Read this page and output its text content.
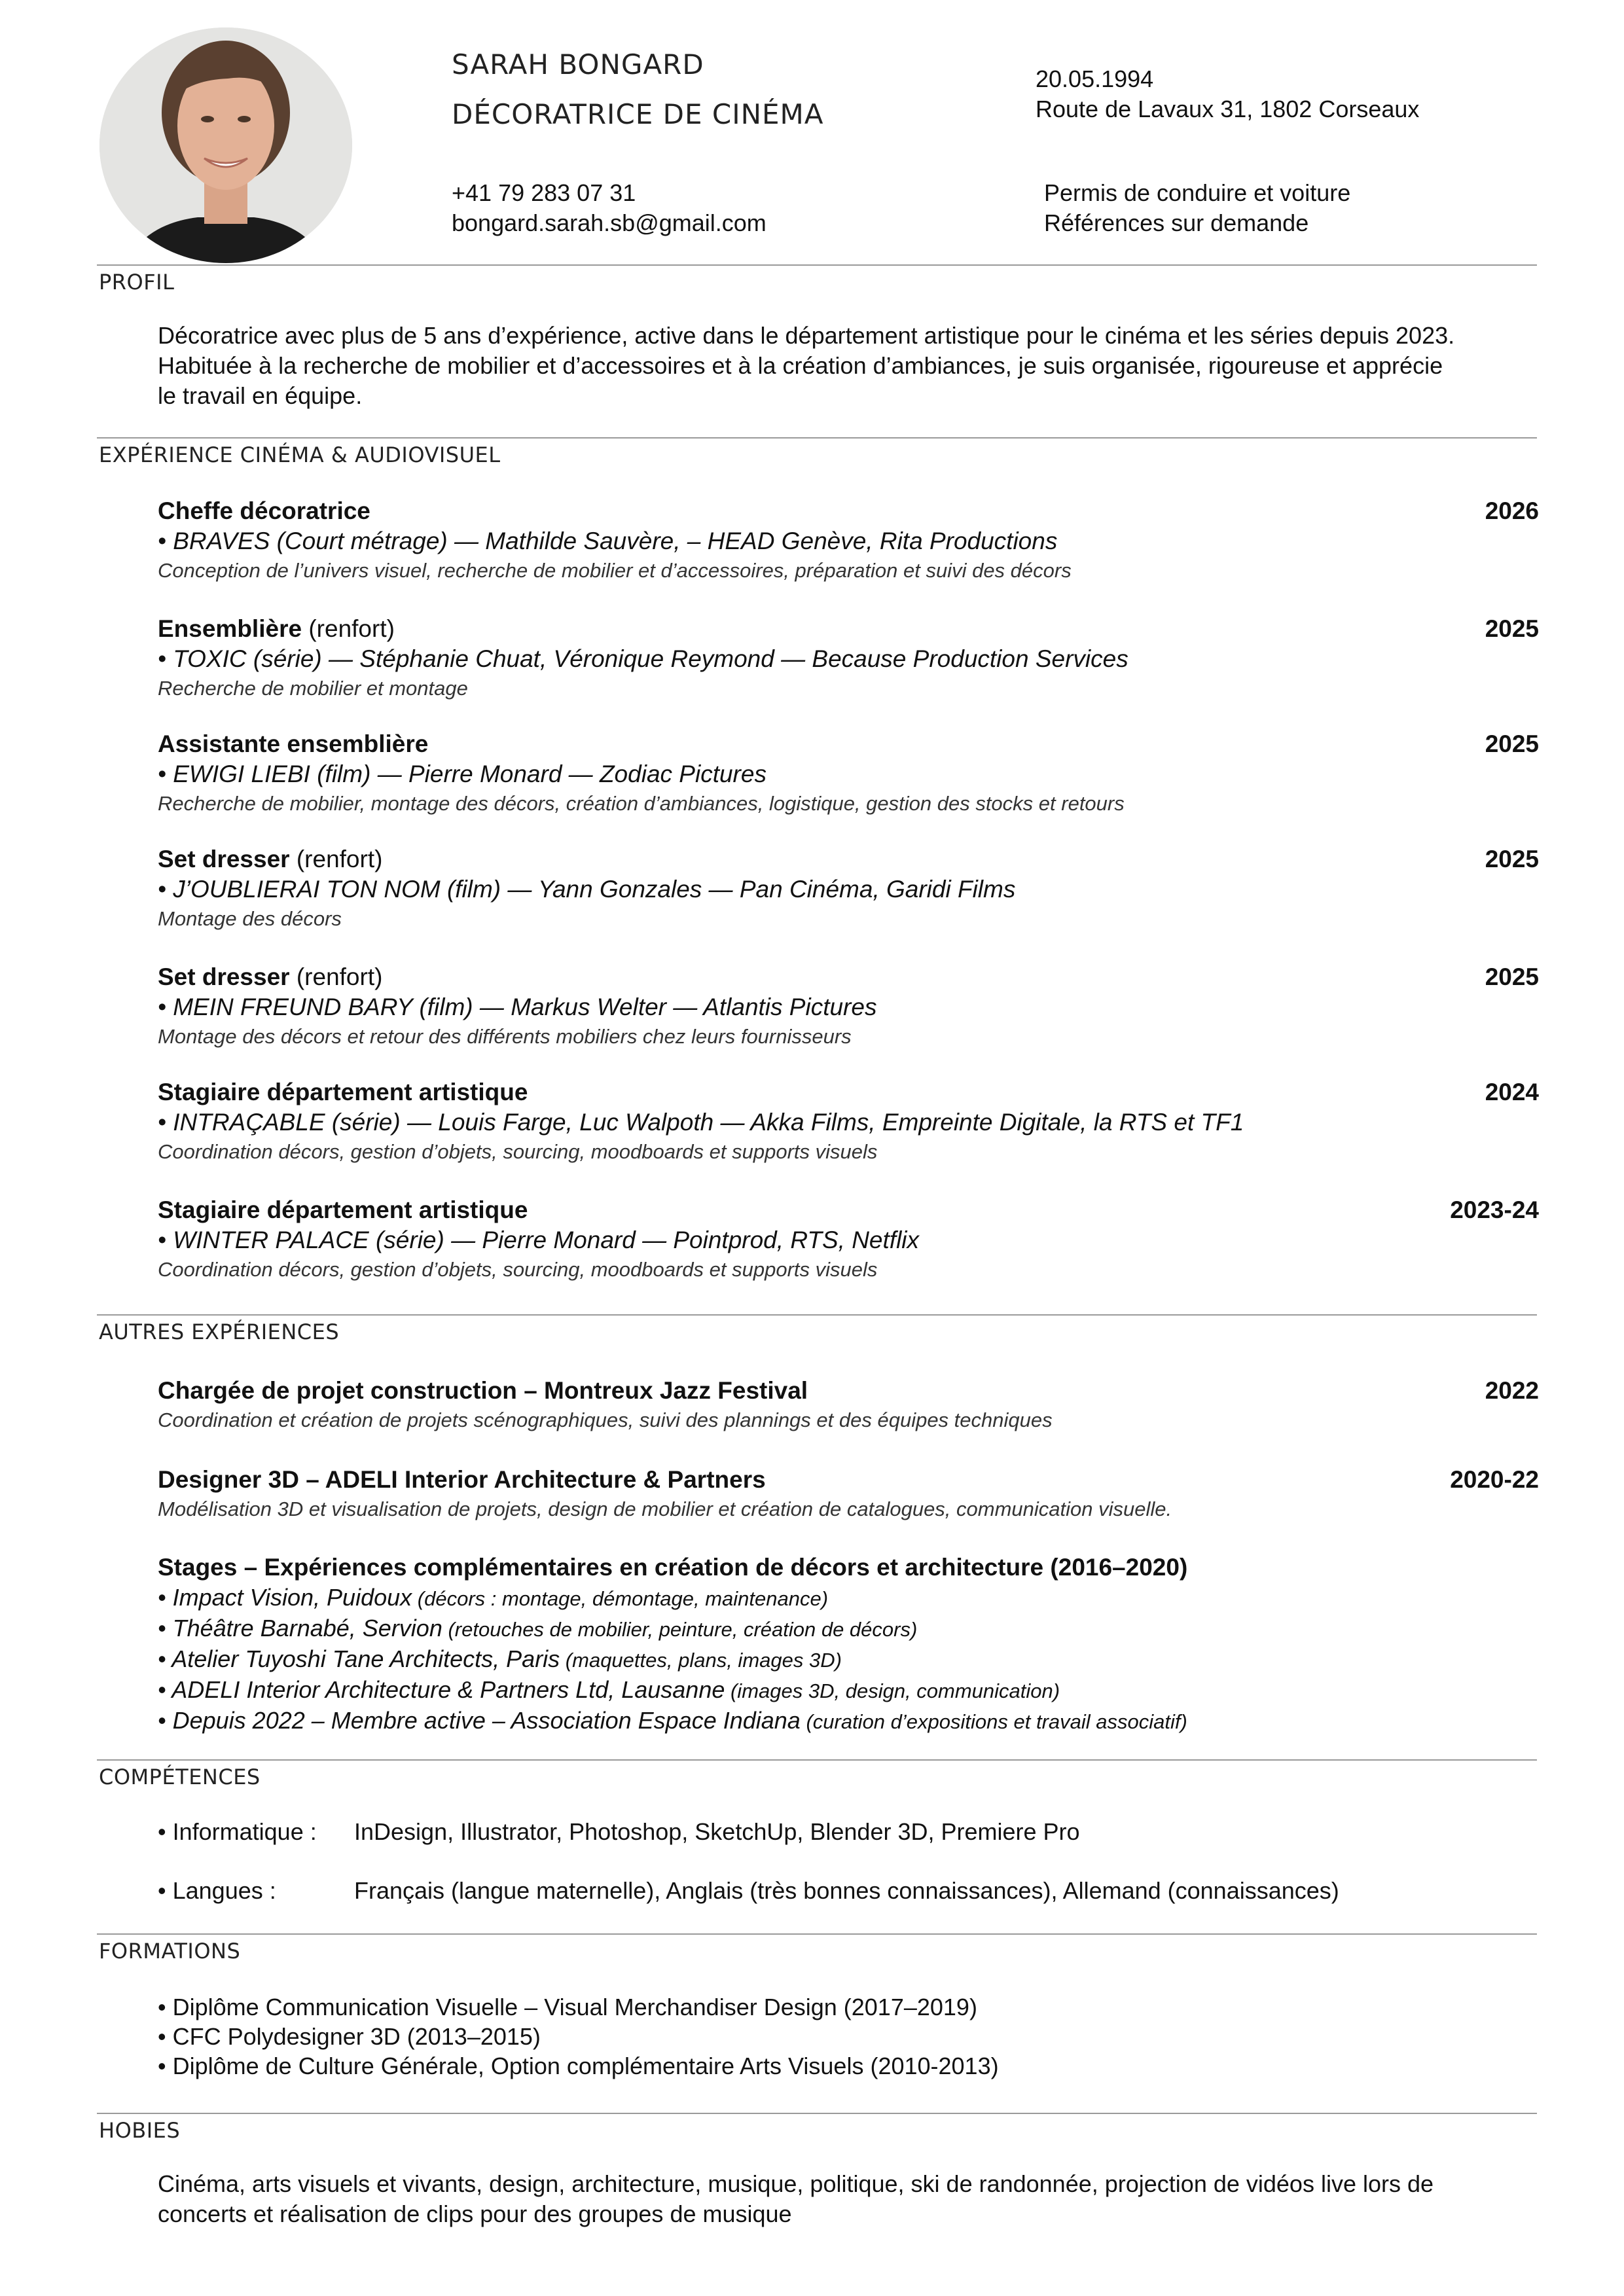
SARAH BONGARD
DÉCORATRICE DE CINÉMA
20.05.1994
Route de Lavaux 31, 1802 Corseaux
+41 79 283 07 31
bongard.sarah.sb@gmail.com
Permis de conduire et voiture
Références sur demande
PROFIL
Décoratrice avec plus de 5 ans d’expérience, active dans le département artistique pour le cinéma et les séries depuis 2023.
Habituée à la recherche de mobilier et d’accessoires et à la création d’ambiances, je suis organisée, rigoureuse et apprécie
le travail en équipe.
EXPÉRIENCE CINÉMA & AUDIOVISUEL
Cheffe décoratrice	2026
• BRAVES (Court métrage) — Mathilde Sauvère, – HEAD Genève, Rita Productions
Conception de l’univers visuel, recherche de mobilier et d’accessoires, préparation et suivi des décors
Ensemblière (renfort)	2025
• TOXIC (série) — Stéphanie Chuat, Véronique Reymond — Because Production Services
Recherche de mobilier et montage
Assistante ensemblière	2025
• EWIGI LIEBI (film) — Pierre Monard — Zodiac Pictures
Recherche de mobilier, montage des décors, création d’ambiances, logistique, gestion des stocks et retours
Set dresser (renfort)	2025
• J’OUBLIERAI TON NOM (film) — Yann Gonzales — Pan Cinéma, Garidi Films
Montage des décors
Set dresser (renfort)	2025
• MEIN FREUND BARY (film) — Markus Welter — Atlantis Pictures
Montage des décors et retour des différents mobiliers chez leurs fournisseurs
Stagiaire département artistique	2024
• INTRAÇABLE (série) — Louis Farge, Luc Walpoth — Akka Films, Empreinte Digitale, la RTS et TF1
Coordination décors, gestion d’objets, sourcing, moodboards et supports visuels
Stagiaire département artistique	2023-24
• WINTER PALACE (série) — Pierre Monard — Pointprod, RTS, Netflix
Coordination décors, gestion d’objets, sourcing, moodboards et supports visuels
AUTRES EXPÉRIENCES
Chargée de projet construction – Montreux Jazz Festival	2022
Coordination et création de projets scénographiques, suivi des plannings et des équipes techniques
Designer 3D – ADELI Interior Architecture & Partners	2020-22
Modélisation 3D et visualisation de projets, design de mobilier et création de catalogues, communication visuelle.
Stages – Expériences complémentaires en création de décors et architecture (2016–2020)
• Impact Vision, Puidoux (décors : montage, démontage, maintenance)
• Théâtre Barnabé, Servion (retouches de mobilier, peinture, création de décors)
• Atelier Tuyoshi Tane Architects, Paris (maquettes, plans, images 3D)
• ADELI Interior Architecture & Partners Ltd, Lausanne (images 3D, design, communication)
• Depuis 2022 – Membre active – Association Espace Indiana (curation d’expositions et travail associatif)
COMPÉTENCES
• Informatique : InDesign, Illustrator, Photoshop, SketchUp, Blender 3D, Premiere Pro
• Langues :	Français (langue maternelle), Anglais (très bonnes connaissances), Allemand (connaissances)
FORMATIONS
• Diplôme Communication Visuelle – Visual Merchandiser Design (2017–2019)
• CFC Polydesigner 3D (2013–2015)
• Diplôme de Culture Générale, Option complémentaire Arts Visuels (2010-2013)
HOBIES
Cinéma, arts visuels et vivants, design, architecture, musique, politique, ski de randonnée, projection de vidéos live lors de
concerts et réalisation de clips pour des groupes de musique
